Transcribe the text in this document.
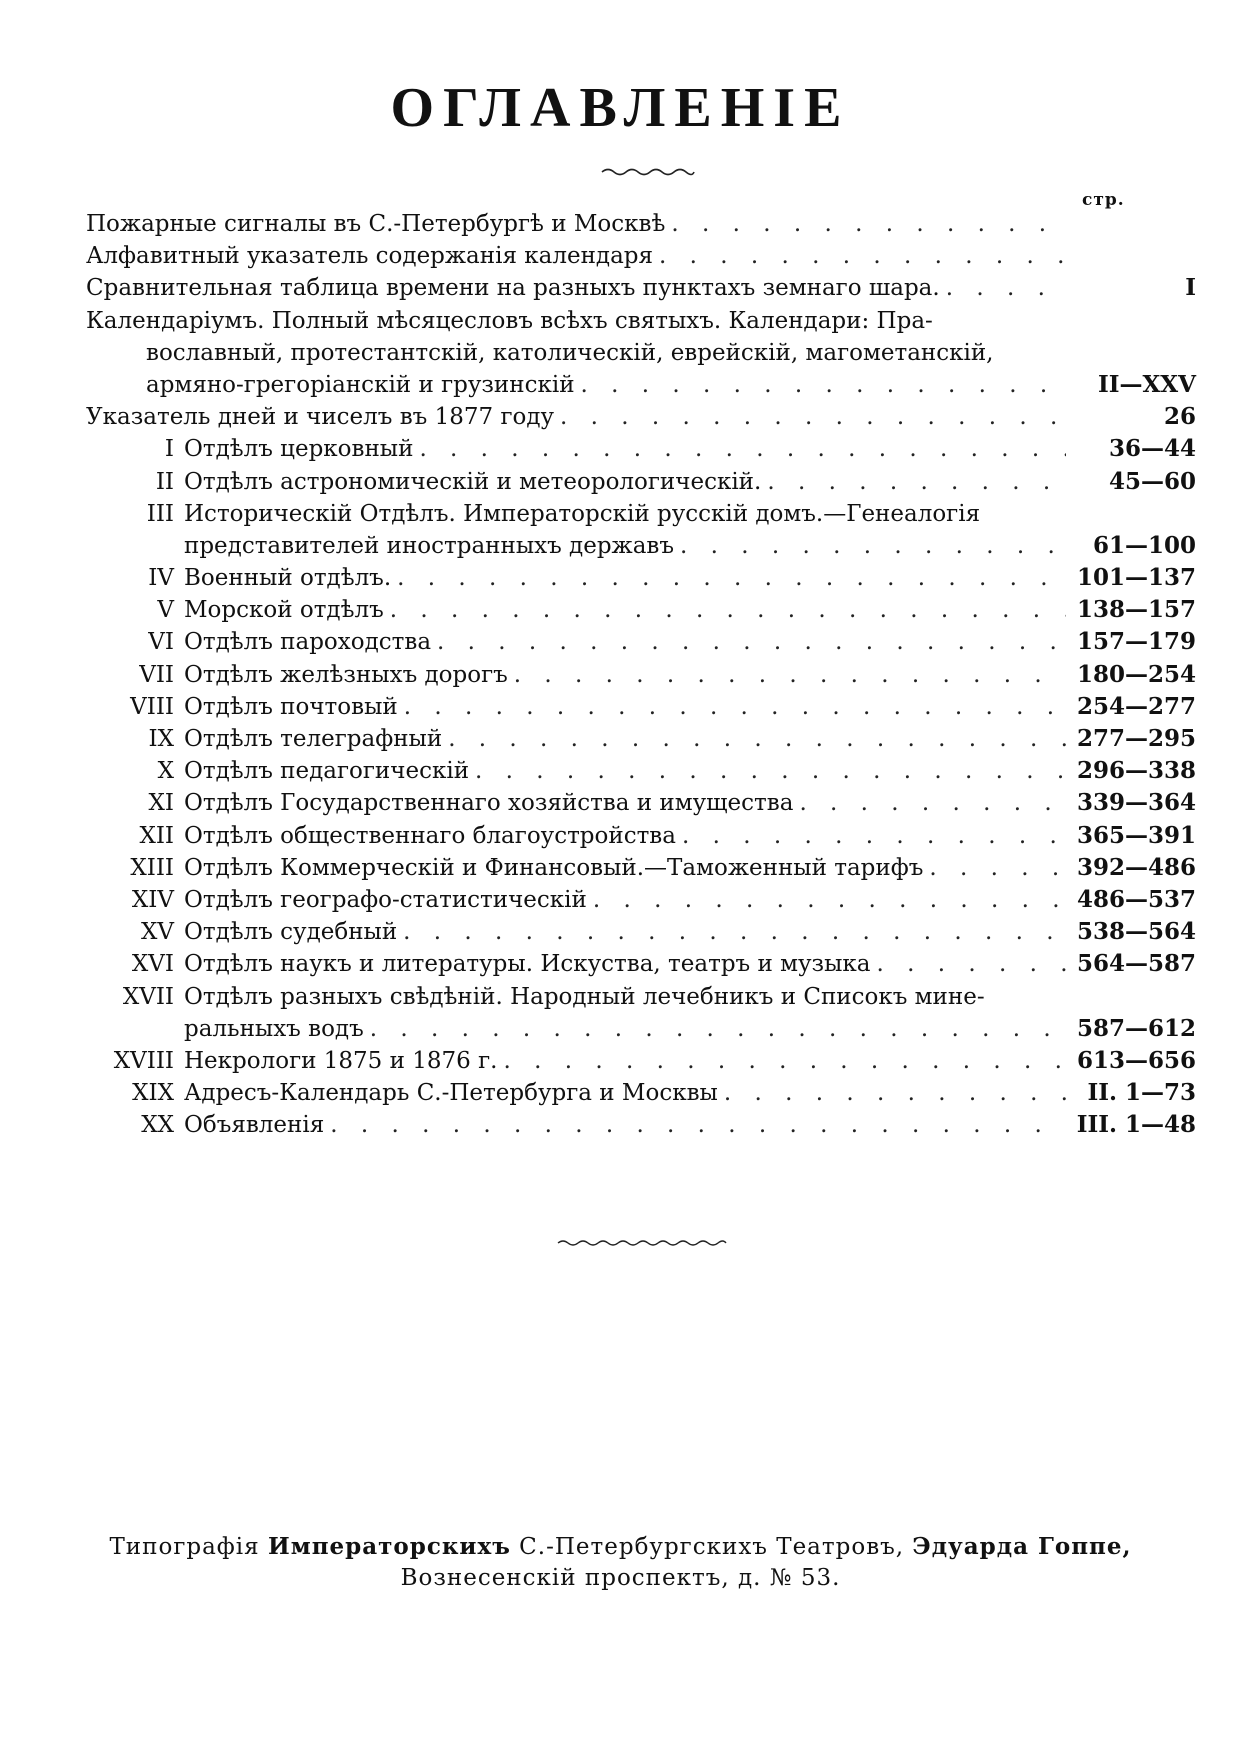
ОГЛАВЛЕНІЕ
стр.
Пожарные сигналы въ С.-Петербургѣ и Москвѣ
. . .
Алфавитный указатель содержанія календаря
. . .
Сравнительная таблица времени на разныхъ пунктахъ земнаго шара. . . .	I
Календаріумъ. Полный мѣсяцесловъ всѣхъ святыхъ. Календари: Пра-
вославный, протестантскій, католическій, еврейскій, магометанскій,
армяно-грегоріанскій и грузинскій . . .	II—XXV
Указатель дней и чиселъ въ 1877 году . . .	26
I Отдѣлъ церковный . . .	36—44
II Отдѣлъ астрономическій и метеорологическій. . . .	45—60
III Историческій Отдѣлъ. Императорскій русскій домъ.—Генеалогія
представителей иностранныхъ державъ . . .	61—100
IV Военный отдѣлъ. . . .	101—137
V Морской отдѣлъ . . .	138—157
VI Отдѣлъ пароходства . . .	157—179
VII Отдѣлъ желѣзныхъ дорогъ . . .	180—254
VIII Отдѣлъ почтовый . . .	254—277
IX Отдѣлъ телеграфный . . .	277—295
X Отдѣлъ педагогическій . . .	296—338
XI Отдѣлъ Государственнаго хозяйства и имущества . . .	339—364
XII Отдѣлъ общественнаго благоустройства . . .	365—391
XIII Отдѣлъ Коммерческій и Финансовый.—Таможенный тарифъ . . .	392—486
XIV Отдѣлъ географо-статистическій . . .	486—537
XV Отдѣлъ судебный . . .	538—564
XVI Отдѣлъ наукъ и литературы. Искуства, театръ и музыка . . .	564—587
XVII Отдѣлъ разныхъ свѣдѣній. Народный лечебникъ и Списокъ мине-
ральныхъ водъ . . .	587—612
XVIII Некрологи 1875 и 1876 г. . . .	613—656
XIX Адресъ-Календарь С.-Петербурга и Москвы . . .	II. 1—73
XX Объявленія . . .	III. 1—48
Типографія Императорскихъ С.-Петербургскихъ Театровъ, Эдуарда Гоппе,
Вознесенскій проспектъ, д. № 53.
